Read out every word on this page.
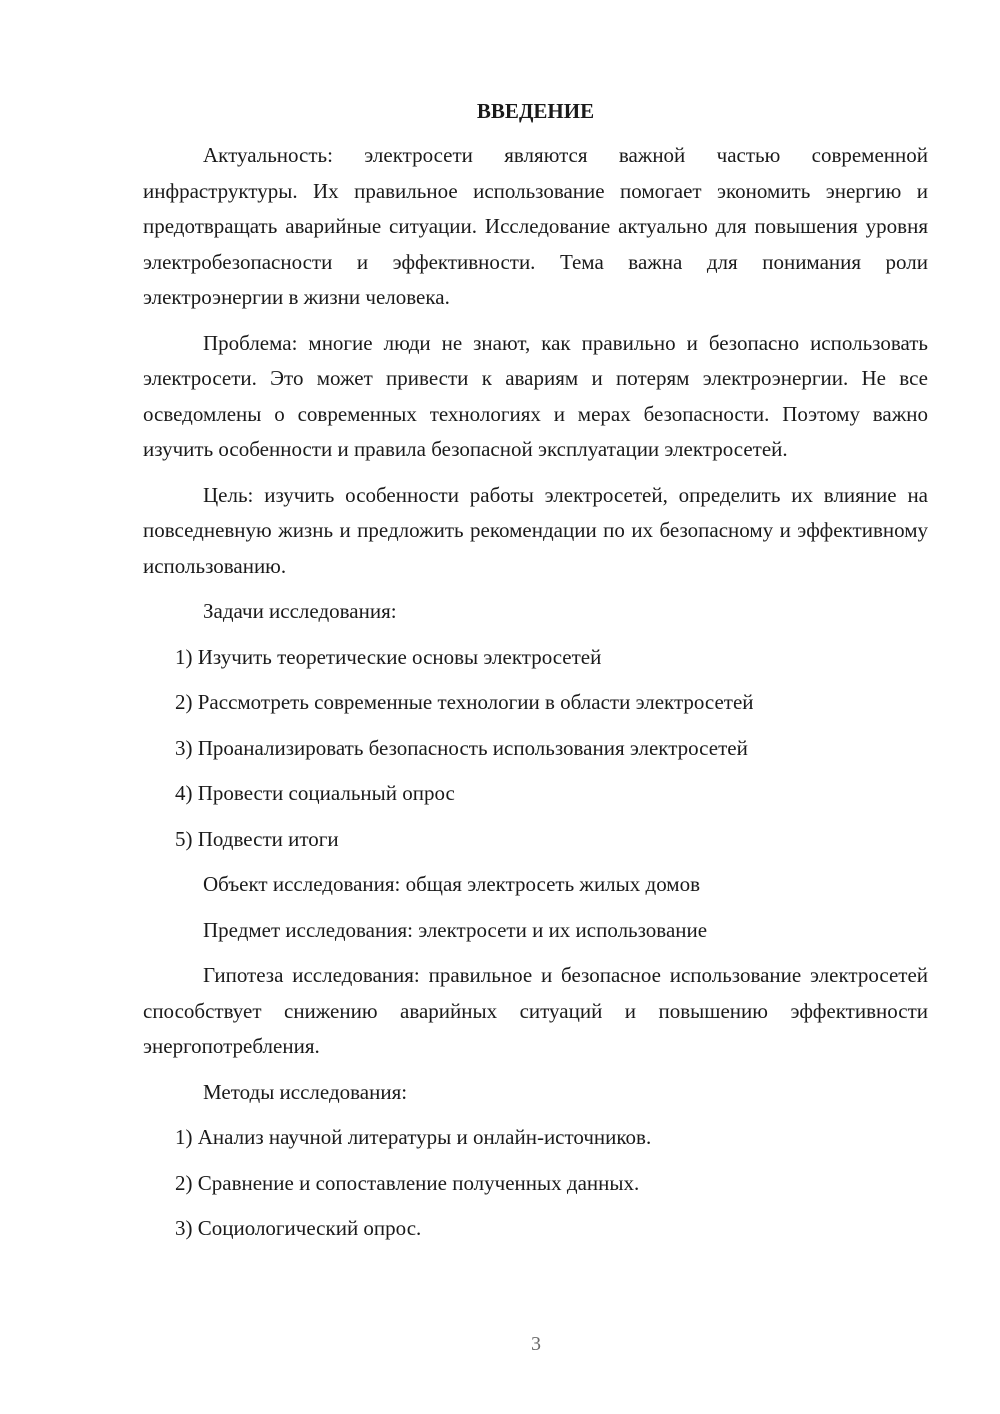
ВВЕДЕНИЕ

Актуальность: электросети являются важной частью современной инфраструктуры. Их правильное использование помогает экономить энергию и предотвращать аварийные ситуации. Исследование актуально для повышения уровня электробезопасности и эффективности. Тема важна для понимания роли электроэнергии в жизни человека.

Проблема: многие люди не знают, как правильно и безопасно использовать электросети. Это может привести к авариям и потерям электроэнергии. Не все осведомлены о современных технологиях и мерах безопасности. Поэтому важно изучить особенности и правила безопасной эксплуатации электросетей.

Цель: изучить особенности работы электросетей, определить их влияние на повседневную жизнь и предложить рекомендации по их безопасному и эффективному использованию.

Задачи исследования:

1) Изучить теоретические основы электросетей

2) Рассмотреть современные технологии в области электросетей

3) Проанализировать безопасность использования электросетей

4) Провести социальный опрос

5) Подвести итоги

Объект исследования: общая электросеть жилых домов

Предмет исследования: электросети и их использование

Гипотеза исследования: правильное и безопасное использование электросетей способствует снижению аварийных ситуаций и повышению эффективности энергопотребления.

Методы исследования:

1) Анализ научной литературы и онлайн-источников.

2) Сравнение и сопоставление полученных данных.

3) Социологический опрос.

3
